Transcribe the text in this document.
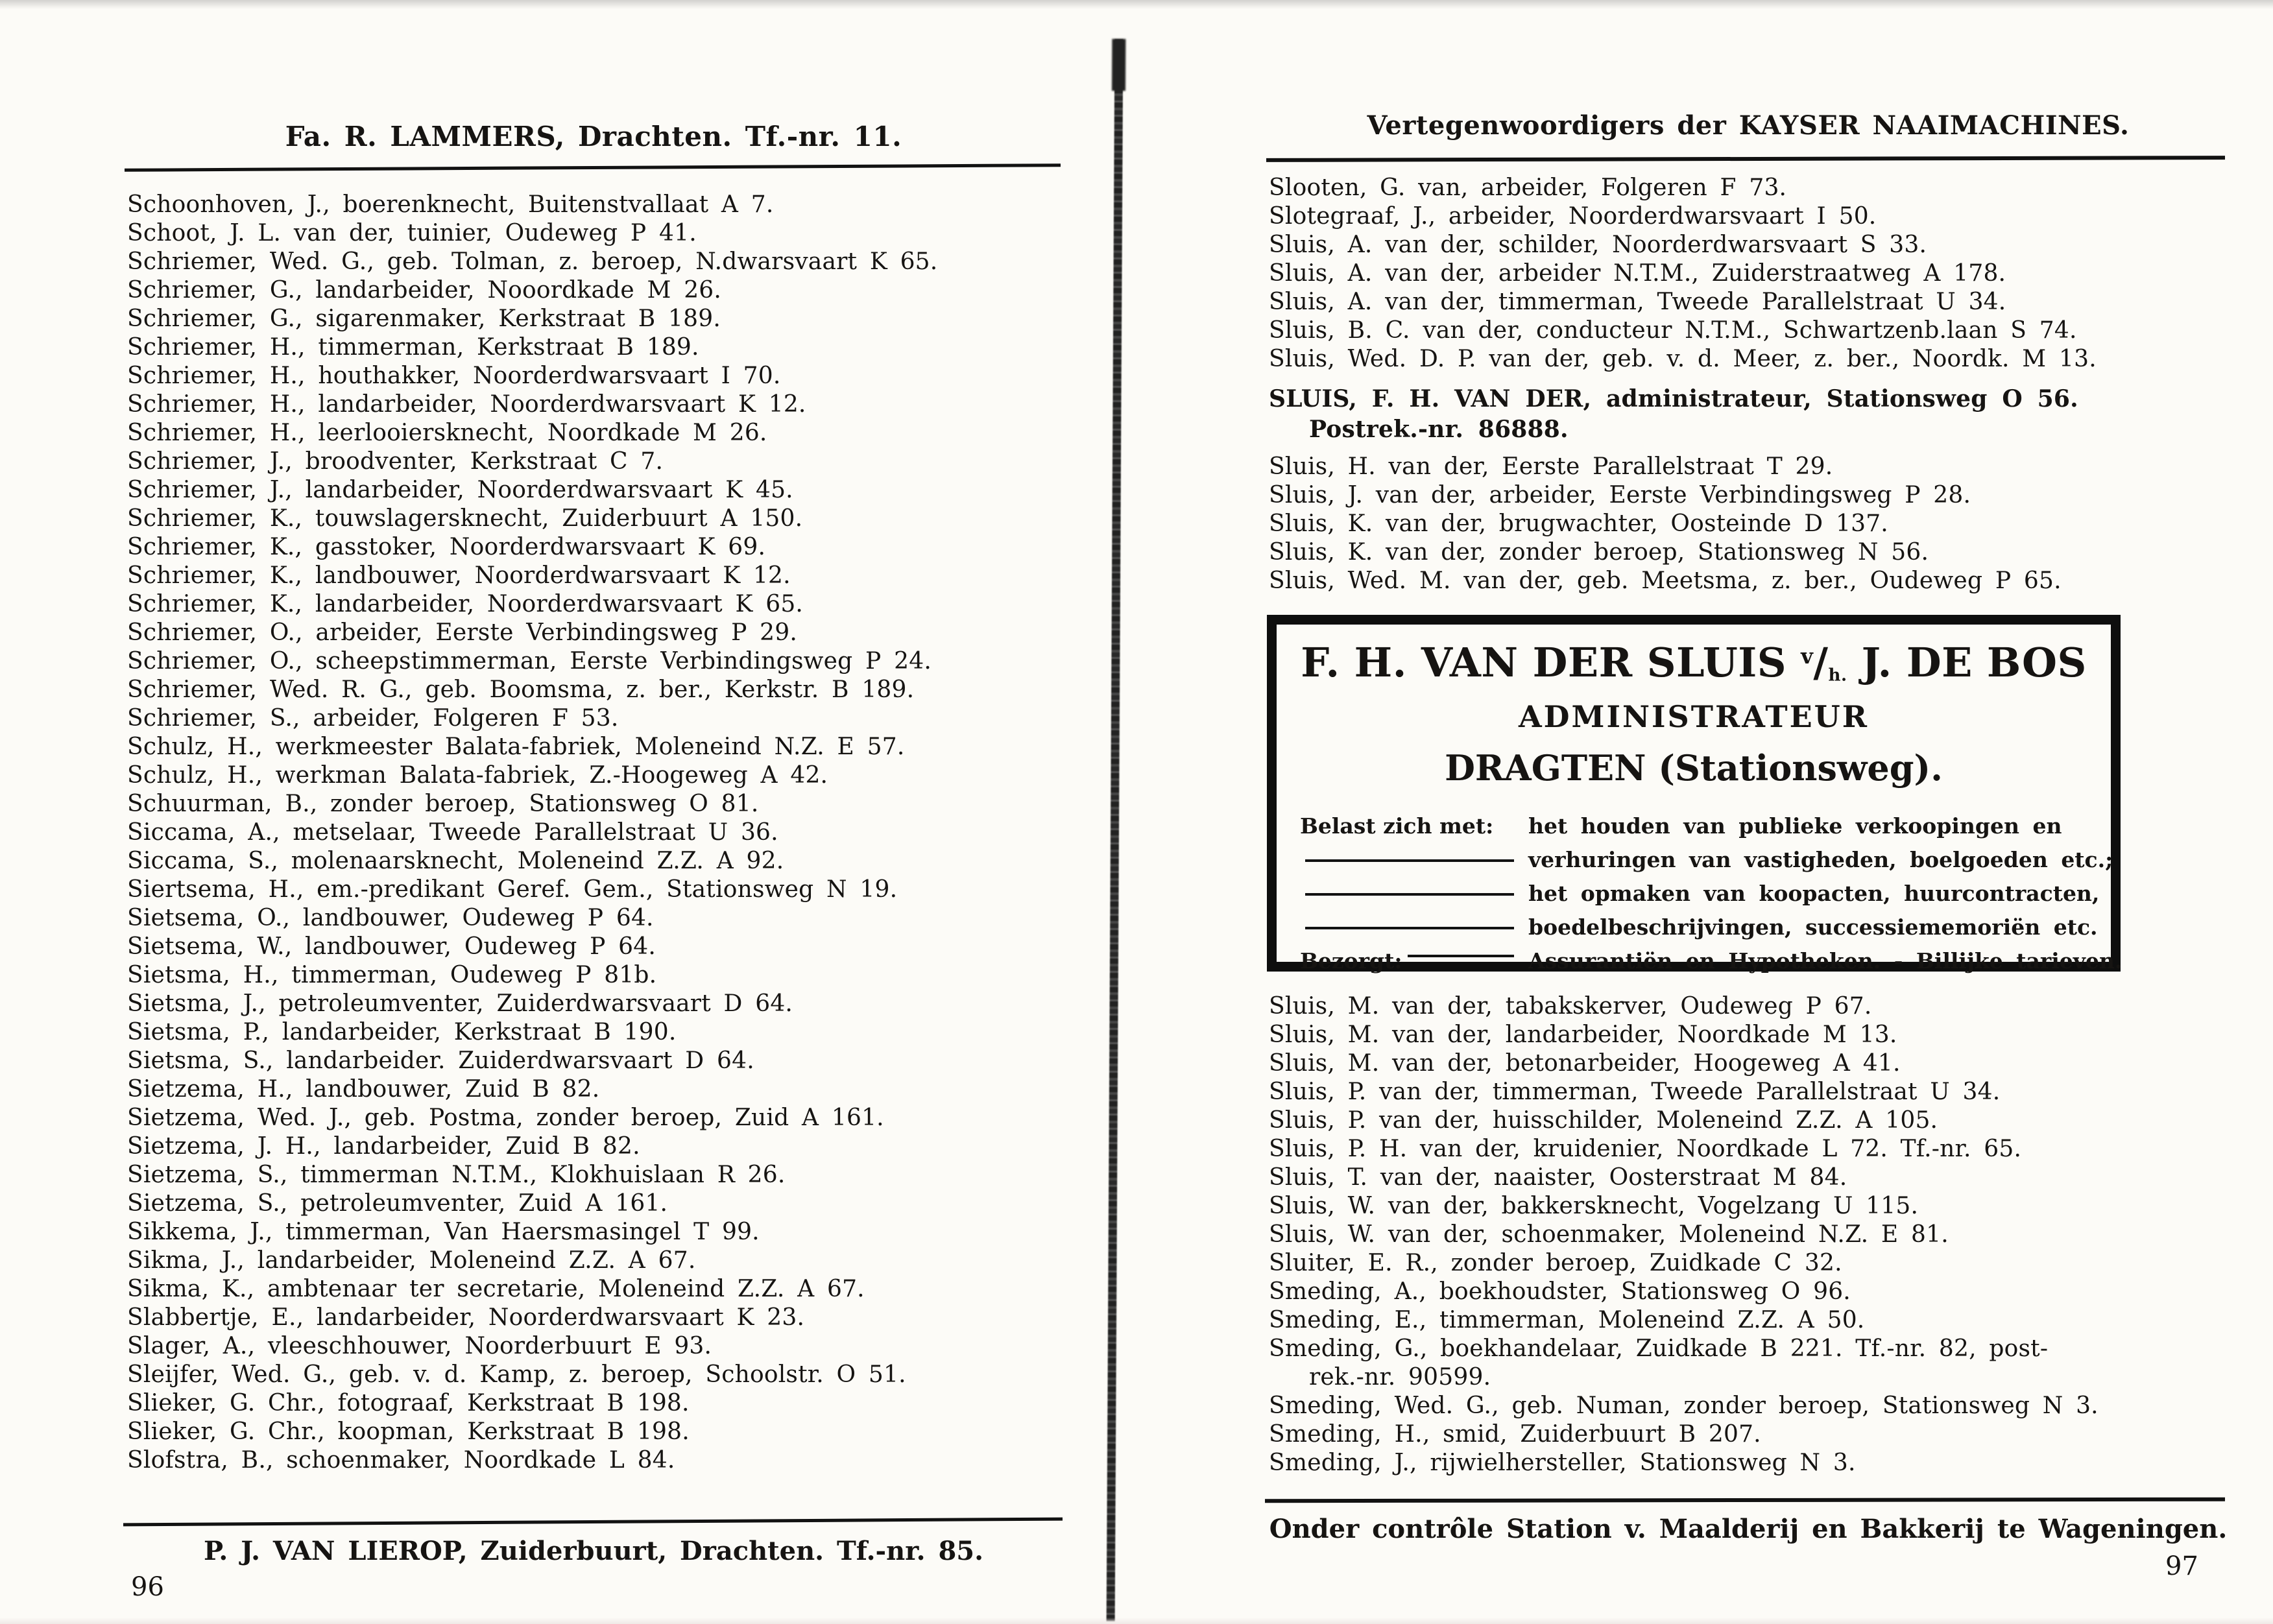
Fa. R. LAMMERS, Drachten. Tf.-nr. 11.
Schoonhoven, J., boerenknecht, Buitenstvallaat A 7.
Schoot, J. L. van der, tuinier, Oudeweg P 41.
Schriemer, Wed. G., geb. Tolman, z. beroep, N.dwarsvaart K 65.
Schriemer, G., landarbeider, Nooordkade M 26.
Schriemer, G., sigarenmaker, Kerkstraat B 189.
Schriemer, H., timmerman, Kerkstraat B 189.
Schriemer, H., houthakker, Noorderdwarsvaart I 70.
Schriemer, H., landarbeider, Noorderdwarsvaart K 12.
Schriemer, H., leerlooiersknecht, Noordkade M 26.
Schriemer, J., broodventer, Kerkstraat C 7.
Schriemer, J., landarbeider, Noorderdwarsvaart K 45.
Schriemer, K., touwslagersknecht, Zuiderbuurt A 150.
Schriemer, K., gasstoker, Noorderdwarsvaart K 69.
Schriemer, K., landbouwer, Noorderdwarsvaart K 12.
Schriemer, K., landarbeider, Noorderdwarsvaart K 65.
Schriemer, O., arbeider, Eerste Verbindingsweg P 29.
Schriemer, O., scheepstimmerman, Eerste Verbindingsweg P 24.
Schriemer, Wed. R. G., geb. Boomsma, z. ber., Kerkstr. B 189.
Schriemer, S., arbeider, Folgeren F 53.
Schulz, H., werkmeester Balata-fabriek, Moleneind N.Z. E 57.
Schulz, H., werkman Balata-fabriek, Z.-Hoogeweg A 42.
Schuurman, B., zonder beroep, Stationsweg O 81.
Siccama, A., metselaar, Tweede Parallelstraat U 36.
Siccama, S., molenaarsknecht, Moleneind Z.Z. A 92.
Siertsema, H., em.-predikant Geref. Gem., Stationsweg N 19.
Sietsema, O., landbouwer, Oudeweg P 64.
Sietsema, W., landbouwer, Oudeweg P 64.
Sietsma, H., timmerman, Oudeweg P 81b.
Sietsma, J., petroleumventer, Zuiderdwarsvaart D 64.
Sietsma, P., landarbeider, Kerkstraat B 190.
Sietsma, S., landarbeider. Zuiderdwarsvaart D 64.
Sietzema, H., landbouwer, Zuid B 82.
Sietzema, Wed. J., geb. Postma, zonder beroep, Zuid A 161.
Sietzema, J. H., landarbeider, Zuid B 82.
Sietzema, S., timmerman N.T.M., Klokhuislaan R 26.
Sietzema, S., petroleumventer, Zuid A 161.
Sikkema, J., timmerman, Van Haersmasingel T 99.
Sikma, J., landarbeider, Moleneind Z.Z. A 67.
Sikma, K., ambtenaar ter secretarie, Moleneind Z.Z. A 67.
Slabbertje, E., landarbeider, Noorderdwarsvaart K 23.
Slager, A., vleeschhouwer, Noorderbuurt E 93.
Sleijfer, Wed. G., geb. v. d. Kamp, z. beroep, Schoolstr. O 51.
Slieker, G. Chr., fotograaf, Kerkstraat B 198.
Slieker, G. Chr., koopman, Kerkstraat B 198.
Slofstra, B., schoenmaker, Noordkade L 84.
P. J. VAN LIEROP, Zuiderbuurt, Drachten. Tf.-nr. 85.
96
Vertegenwoordigers der KAYSER NAAIMACHINES.
Slooten, G. van, arbeider, Folgeren F 73.
Slotegraaf, J., arbeider, Noorderdwarsvaart I 50.
Sluis, A. van der, schilder, Noorderdwarsvaart S 33.
Sluis, A. van der, arbeider N.T.M., Zuiderstraatweg A 178.
Sluis, A. van der, timmerman, Tweede Parallelstraat U 34.
Sluis, B. C. van der, conducteur N.T.M., Schwartzenb.laan S 74.
Sluis, Wed. D. P. van der, geb. v. d. Meer, z. ber., Noordk. M 13.
SLUIS, F. H. VAN DER, administrateur, Stationsweg O 56.
Postrek.-nr. 86888.
Sluis, H. van der, Eerste Parallelstraat T 29.
Sluis, J. van der, arbeider, Eerste Verbindingsweg P 28.
Sluis, K. van der, brugwachter, Oosteinde D 137.
Sluis, K. van der, zonder beroep, Stationsweg N 56.
Sluis, Wed. M. van der, geb. Meetsma, z. ber., Oudeweg P 65.
F. H. VAN DER SLUIS $^v$/h. J. DE BOS
ADMINISTRATEUR
DRAGTEN (Stationsweg).
Belast zich met: het houden van publieke verkoopingen en
verhuringen van vastigheden, boelgoeden etc.;
het opmaken van koopacten, huurcontracten,
boedelbeschrijvingen, successiememoriën etc.
Bezorgt:	Assurantiën en Hypotheken. - Billijke tarieven.
Sluis, M. van der, tabakskerver, Oudeweg P 67.
Sluis, M. van der, landarbeider, Noordkade M 13.
Sluis, M. van der, betonarbeider, Hoogeweg A 41.
Sluis, P. van der, timmerman, Tweede Parallelstraat U 34.
Sluis, P. van der, huisschilder, Moleneind Z.Z. A 105.
Sluis, P. H. van der, kruidenier, Noordkade L 72. Tf.-nr. 65.
Sluis, T. van der, naaister, Oosterstraat M 84.
Sluis, W. van der, bakkersknecht, Vogelzang U 115.
Sluis, W. van der, schoenmaker, Moleneind N.Z. E 81.
Sluiter, E. R., zonder beroep, Zuidkade C 32.
Smeding, A., boekhoudster, Stationsweg O 96.
Smeding, E., timmerman, Moleneind Z.Z. A 50.
Smeding, G., boekhandelaar, Zuidkade B 221. Tf.-nr. 82, post-
rek.-nr. 90599.
Smeding, Wed. G., geb. Numan, zonder beroep, Stationsweg N 3.
Smeding, H., smid, Zuiderbuurt B 207.
Smeding, J., rijwielhersteller, Stationsweg N 3.
Onder contrôle Station v. Maalderij en Bakkerij te Wageningen.
97
